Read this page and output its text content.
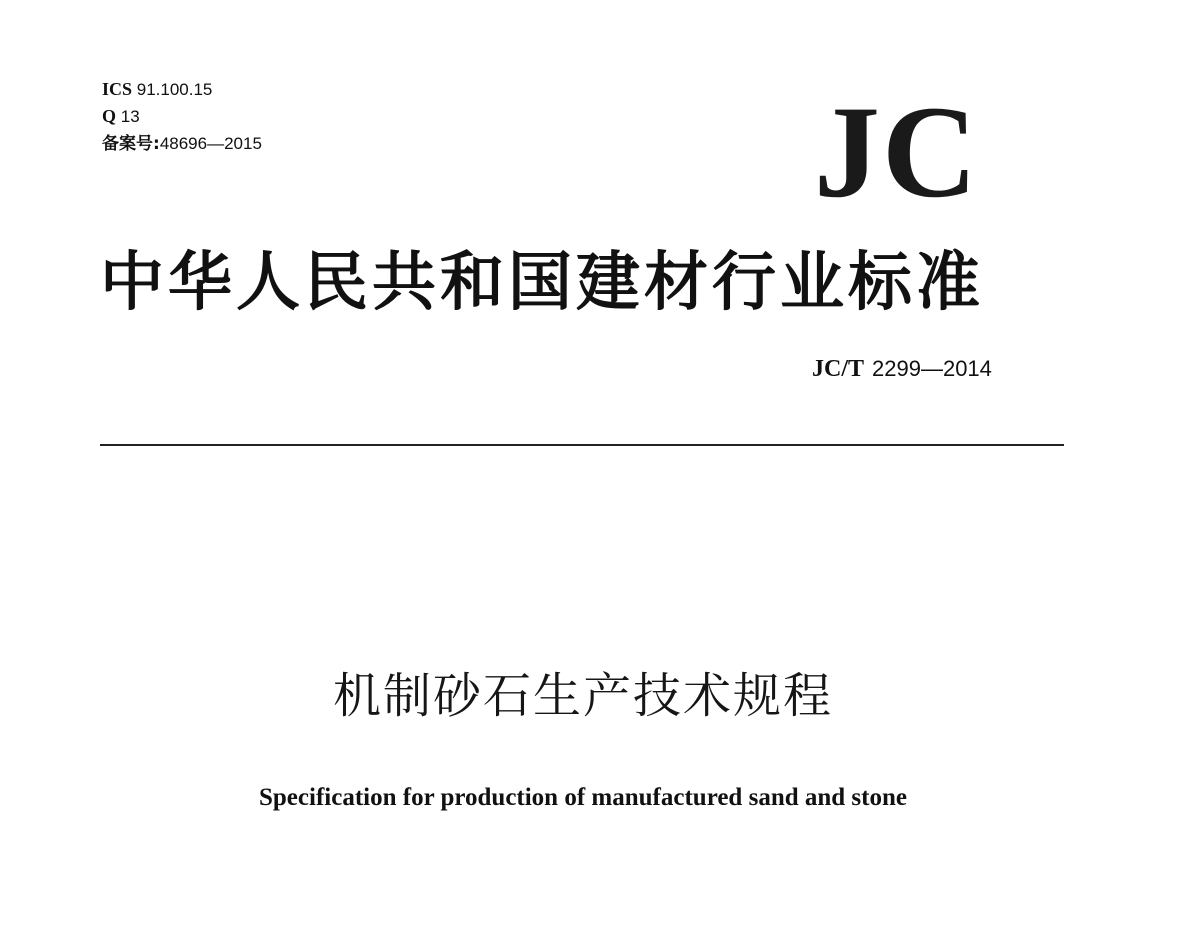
ICS 91.100.15
Q 13
备案号:48696—2015	JC
中华人民共和国建材行业标准
JC/T 2299—2014
机制砂石生产技术规程
Specification for production of manufactured sand and stone
